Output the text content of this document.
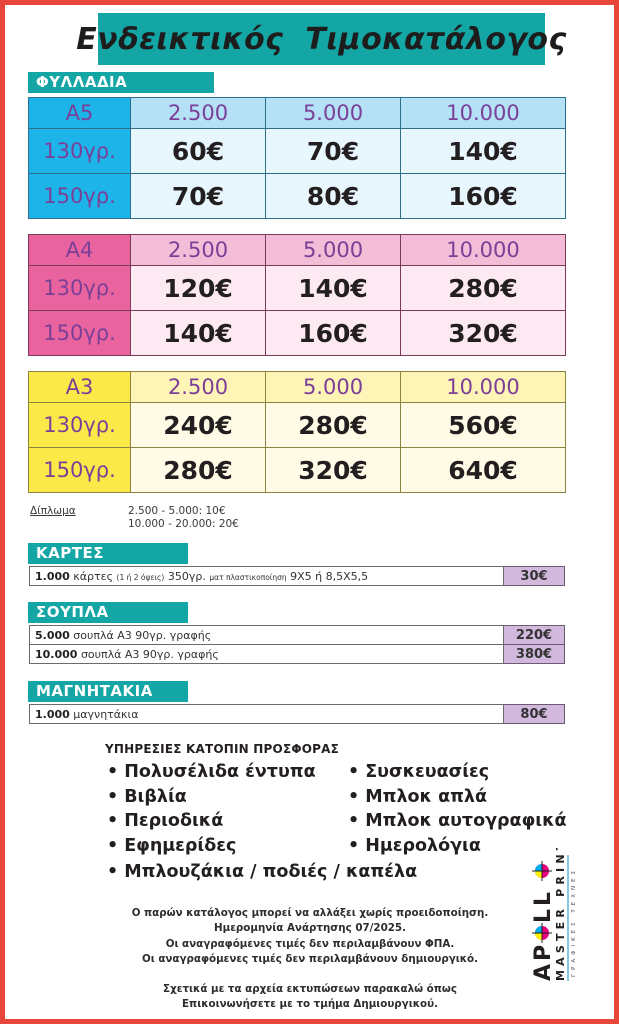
Ενδεικτικός  Τιμοκατάλογος
ΦΥΛΛΑΔΙΑ
A5	2.500	5.000	10.000
130γρ.	60€	70€	140€
150γρ.	70€	80€	160€
A4	2.500	5.000	10.000
130γρ.	120€	140€	280€
150γρ.	140€	160€	320€
A3	2.500	5.000	10.000
130γρ.	240€	280€	560€
150γρ.	280€	320€	640€
Δίπλωμα	2.500 - 5.000: 10€
10.000 - 20.000: 20€
ΚΑΡΤΕΣ
1.000 κάρτες (1 ή 2 όψεις) 350γρ. ματ πλαστικοποίηση 9Χ5 ή 8,5Χ5,5	30€
ΣΟΥΠΛΑ
5.000 σουπλά Α3 90γρ. γραφής	220€
10.000 σουπλά Α3 90γρ. γραφής	380€
ΜΑΓΝΗΤΑΚΙΑ
1.000 μαγνητάκια	80€
ΥΠΗΡΕΣΙΕΣ ΚΑΤΟΠΙΝ ΠΡΟΣΦΟΡΑΣ
• Πολυσέλιδα έντυπα
• Βιβλία
• Περιοδικά
• Εφημερίδες
• Μπλουζάκια / ποδιές / καπέλα
• Συσκευασίες
• Μπλοκ απλά
• Μπλοκ αυτογραφικά
• Ημερολόγια
Ο παρών κατάλογος μπορεί να αλλάξει χωρίς προειδοποίηση.
Ημερομηνία Ανάρτησης 07/2025.
Οι αναγραφόμενες τιμές δεν περιλαμβάνουν ΦΠΑ.
Οι αναγραφόμενες τιμές δεν περιλαμβάνουν δημιουργικό.
Σχετικά με τα αρχεία εκτυπώσεων παρακαλώ όπως
Επικοινωνήσετε με το τμήμα Δημιουργικού.
AP
LL
MASTER PRINTS ΓΡΑΦΙΚΕΣ ΤΕΧΝΕΣ
